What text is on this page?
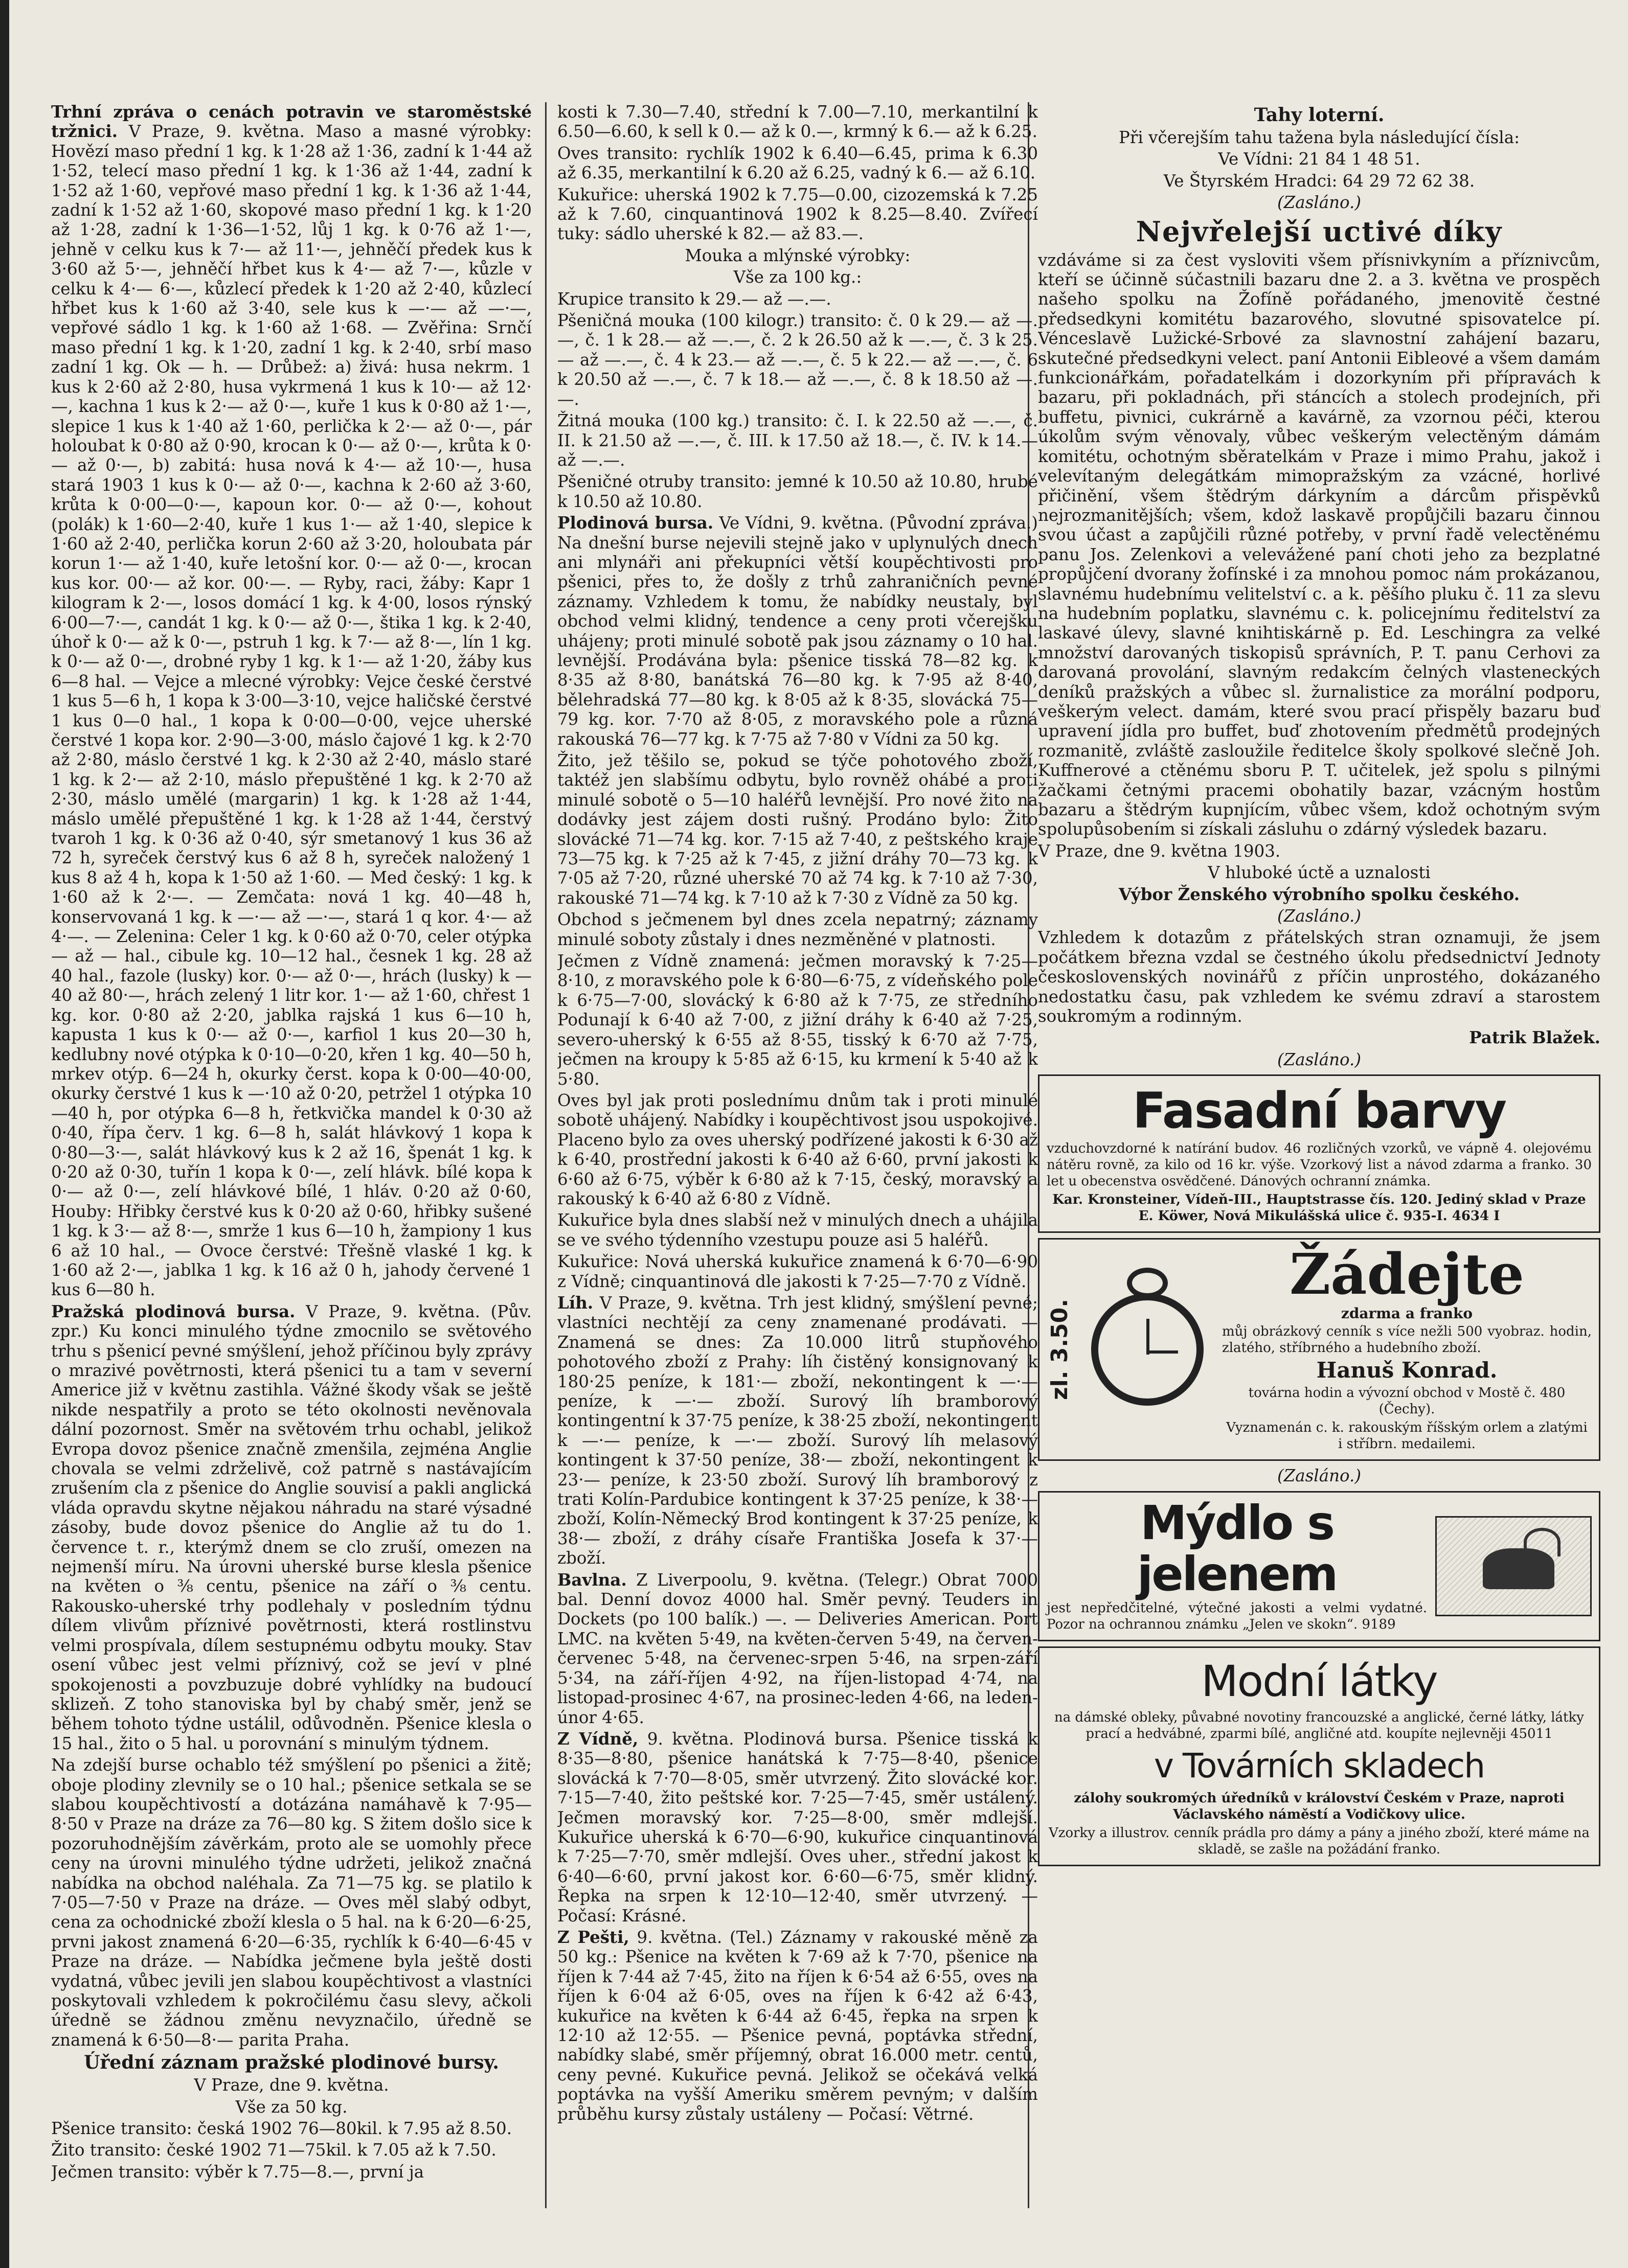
Trhní zpráva o cenách potravin ve staroměstské tržnici. V Praze, 9. května. Maso a masné výrobky: Hovězí maso přední 1 kg. k 1·28 až 1·36, zadní k 1·44 až 1·52, telecí maso přední 1 kg. k 1·36 až 1·44, zadní k 1·52 až 1·60, vepřové maso přední 1 kg. k 1·36 až 1·44, zadní k 1·52 až 1·60, skopové maso přední 1 kg. k 1·20 až 1·28, zadní k 1·36—1·52, lůj 1 kg. k 0·76 až 1·—, jehně v celku kus k 7·— až 11·—, jehněčí předek kus k 3·60 až 5·—, jehněčí hřbet kus k 4·— až 7·—, kůzle v celku k 4·— 6·—, kůzlecí předek k 1·20 až 2·40, kůzlecí hřbet kus k 1·60 až 3·40, sele kus k —·— až —·—, vepřové sádlo 1 kg. k 1·60 až 1·68. — Zvěřina: Srnčí maso přední 1 kg. k 1·20, zadní 1 kg. k 2·40, srbí maso zadní 1 kg. Ok — h. — Drůbež: a) živá: husa nekrm. 1 kus k 2·60 až 2·80, husa vykrmená 1 kus k 10·— až 12·—, kachna 1 kus k 2·— až 0·—, kuře 1 kus k 0·80 až 1·—, slepice 1 kus k 1·40 až 1·60, perlička k 2·— až 0·—, pár holoubat k 0·80 až 0·90, krocan k 0·— až 0·—, krůta k 0·— až 0·—, b) zabitá: husa nová k 4·— až 10·—, husa stará 1903 1 kus k 0·— až 0·—, kachna k 2·60 až 3·60, krůta k 0·00—0·—, kapoun kor. 0·— až 0·—, kohout (polák) k 1·60—2·40, kuře 1 kus 1·— až 1·40, slepice k 1·60 až 2·40, perlička korun 2·60 až 3·20, holoubata pár korun 1·— až 1·40, kuře letošní kor. 0·— až 0·—, krocan kus kor. 00·— až kor. 00·—. — Ryby, raci, žáby: Kapr 1 kilogram k 2·—, losos domácí 1 kg. k 4·00, losos rýnský 6·00—7·—, candát 1 kg. k 0·— až 0·—, štika 1 kg. k 2·40, úhoř k 0·— až k 0·—, pstruh 1 kg. k 7·— až 8·—, lín 1 kg. k 0·— až 0·—, drobné ryby 1 kg. k 1·— až 1·20, žáby kus 6—8 hal. — Vejce a mlecné výrobky: Vejce české čerstvé 1 kus 5—6 h, 1 kopa k 3·00—3·10, vejce haličské čerstvé 1 kus 0—0 hal., 1 kopa k 0·00—0·00, vejce uherské čerstvé 1 kopa kor. 2·90—3·00, máslo čajové 1 kg. k 2·70 až 2·80, máslo čerstvé 1 kg. k 2·30 až 2·40, máslo staré 1 kg. k 2·— až 2·10, máslo přepuštěné 1 kg. k 2·70 až 2·30, máslo umělé (margarin) 1 kg. k 1·28 až 1·44, máslo umělé přepuštěné 1 kg. k 1·28 až 1·44, čerstvý tvaroh 1 kg. k 0·36 až 0·40, sýr smetanový 1 kus 36 až 72 h, syreček čerstvý kus 6 až 8 h, syreček naložený 1 kus 8 až 4 h, kopa k 1·50 až 1·60. — Med český: 1 kg. k 1·60 až k 2·—. — Zemčata: nová 1 kg. 40—48 h, konservovaná 1 kg. k —·— až —·—, stará 1 q kor. 4·— až 4·—. — Zelenina: Celer 1 kg. k 0·60 až 0·70, celer otýpka — až — hal., cibule kg. 10—12 hal., česnek 1 kg. 28 až 40 hal., fazole (lusky) kor. 0·— až 0·—, hrách (lusky) k —40 až 80·—, hrách zelený 1 litr kor. 1·— až 1·60, chřest 1 kg. kor. 0·80 až 2·20, jablka rajská 1 kus 6—10 h, kapusta 1 kus k 0·— až 0·—, karfiol 1 kus 20—30 h, kedlubny nové otýpka k 0·10—0·20, křen 1 kg. 40—50 h, mrkev otýp. 6—24 h, okurky čerst. kopa k 0·00—40·00, okurky čerstvé 1 kus k —·10 až 0·20, petržel 1 otýpka 10—40 h, por otýpka 6—8 h, řetkvička mandel k 0·30 až 0·40, řípa červ. 1 kg. 6—8 h, salát hlávkový 1 kopa k 0·80—3·—, salát hlávkový kus k 2 až 16, špenát 1 kg. k 0·20 až 0·30, tuřín 1 kopa k 0·—, zelí hlávk. bílé kopa k 0·— až 0·—, zelí hlávkové bílé, 1 hláv. 0·20 až 0·60, Houby: Hřibky čerstvé kus k 0·20 až 0·60, hřibky sušené 1 kg. k 3·— až 8·—, smrže 1 kus 6—10 h, žampiony 1 kus 6 až 10 hal., — Ovoce čerstvé: Třešně vlaské 1 kg. k 1·60 až 2·—, jablka 1 kg. k 16 až 0 h, jahody červené 1 kus 6—80 h.

Pražská plodinová bursa. V Praze, 9. května. (Pův. zpr.) Ku konci minulého týdne zmocnilo se světového trhu s pšenicí pevné smýšlení, jehož příčinou byly zprávy o mrazivé povětrnosti, která pšenici tu a tam v severní Americe již v květnu zastihla. Vážné škody však se ještě nikde nespatřily a proto se této okolnosti nevěnovala dální pozornost. Směr na světovém trhu ochabl, jelikož Evropa dovoz pšenice značně zmenšila, zejména Anglie chovala se velmi zdrželivě, což patrně s nastávajícím zrušením cla z pšenice do Anglie souvisí a pakli anglická vláda opravdu skytne nějakou náhradu na staré výsadné zásoby, bude dovoz pšenice do Anglie až tu do 1. července t. r., kterýmž dnem se clo zruší, omezen na nejmenší míru. Na úrovni uherské burse klesla pšenice na květen o ⅜ centu, pšenice na září o ⅜ centu. Rakousko-uherské trhy podlehaly v posledním týdnu dílem vlivům příznivé povětrnosti, která rostlinstvu velmi prospívala, dílem sestupnému odbytu mouky. Stav osení vůbec jest velmi příznivý, což se jeví v plné spokojenosti a povzbuzuje dobré vyhlídky na budoucí sklizeň. Z toho stanoviska byl by chabý směr, jenž se během tohoto týdne ustálil, odůvodněn. Pšenice klesla o 15 hal., žito o 5 hal. u porovnání s minulým týdnem.

Na zdejší burse ochablo též smýšlení po pšenici a žitě; oboje plodiny zlevnily se o 10 hal.; pšenice setkala se se slabou koupěchtivostí a dotázána namáhavě k 7·95—8·50 v Praze na dráze za 76—80 kg. S žitem došlo sice k pozoruhodnějším závěrkám, proto ale se uomohly přece ceny na úrovni minulého týdne udržeti, jelikož značná nabídka na obchod naléhala. Za 71—75 kg. se platilo k 7·05—7·50 v Praze na dráze. — Oves měl slabý odbyt, cena za ochodnické zboží klesla o 5 hal. na k 6·20—6·25, prvni jakost znamená 6·20—6·35, rychlík k 6·40—6·45 v Praze na dráze. — Nabídka ječmene byla ještě dosti vydatná, vůbec jevili jen slabou koupěchtivost a vlastníci poskytovali vzhledem k pokročilému času slevy, ačkoli úředně se žádnou změnu nevyznačilo, úředně se znamená k 6·50—8·— parita Praha.

Úřední záznam pražské plodinové bursy.

V Praze, dne 9. května.

Vše za 50 kg.

Pšenice transito: česká 1902 76—80kil. k 7.95 až 8.50.

Žito transito: české 1902 71—75kil. k 7.05 až k 7.50.

Ječmen transito: výběr k 7.75—8.—, první ja

kosti k 7.30—7.40, střední k 7.00—7.10, merkantilní k 6.50—6.60, k sell k 0.— až k 0.—, krmný k 6.— až k 6.25.

Oves transito: rychlík 1902 k 6.40—6.45, prima k 6.30 až 6.35, merkantilní k 6.20 až 6.25, vadný k 6.— až 6.10.

Kukuřice: uherská 1902 k 7.75—0.00, cizozemská k 7.25 až k 7.60, cinquantinová 1902 k 8.25—8.40. Zvířecí tuky: sádlo uherské k 82.— až 83.—.

Mouka a mlýnské výrobky:

Vše za 100 kg.:

Krupice transito k 29.— až —.—.

Pšeničná mouka (100 kilogr.) transito: č. 0 k 29.— až —.—, č. 1 k 28.— až —.—, č. 2 k 26.50 až k —.—, č. 3 k 25.— až —.—, č. 4 k 23.— až —.—, č. 5 k 22.— až —.—, č. 6 k 20.50 až —.—, č. 7 k 18.— až —.—, č. 8 k 18.50 až —.—.

Žitná mouka (100 kg.) transito: č. I. k 22.50 až —.—, č. II. k 21.50 až —.—, č. III. k 17.50 až 18.—, č. IV. k 14.— až —.—.

Pšeničné otruby transito: jemné k 10.50 až 10.80, hrubé k 10.50 až 10.80.

Plodinová bursa. Ve Vídni, 9. května. (Původní zpráva.) Na dnešní burse nejevili stejně jako v uplynulých dnech ani mlynáři ani překupníci větší koupěchtivosti pro pšenici, přes to, že došly z trhů zahraničních pevné záznamy. Vzhledem k tomu, že nabídky neustaly, byl obchod velmi klidný, tendence a ceny proti včerejšku uhájeny; proti minulé sobotě pak jsou záznamy o 10 hal. levnější. Prodávána byla: pšenice tisská 78—82 kg. k 8·35 až 8·80, banátská 76—80 kg. k 7·95 až 8·40, bělehradská 77—80 kg. k 8·05 až k 8·35, slovácká 75—79 kg. kor. 7·70 až 8·05, z moravského pole a různá rakouská 76—77 kg. k 7·75 až 7·80 v Vídni za 50 kg.

Žito, jež těšilo se, pokud se týče pohotového zboží, taktéž jen slabšímu odbytu, bylo rovněž ohábé a proti minulé sobotě o 5—10 haléřů levnější. Pro nové žito na dodávky jest zájem dosti rušný. Prodáno bylo: Žito slovácké 71—74 kg. kor. 7·15 až 7·40, z peštského kraje 73—75 kg. k 7·25 až k 7·45, z jižní dráhy 70—73 kg. k 7·05 až 7·20, různé uherské 70 až 74 kg. k 7·10 až 7·30, rakouské 71—74 kg. k 7·10 až k 7·30 z Vídně za 50 kg.

Obchod s ječmenem byl dnes zcela nepatrný; záznamy minulé soboty zůstaly i dnes nezměněné v platnosti.

Ječmen z Vídně znamená: ječmen moravský k 7·25—8·10, z moravského pole k 6·80—6·75, z vídeňského pole k 6·75—7·00, slovácký k 6·80 až k 7·75, ze středního Podunají k 6·40 až 7·00, z jižní dráhy k 6·40 až 7·25, severo-uherský k 6·55 až 8·55, tisský k 6·70 až 7·75, ječmen na kroupy k 5·85 až 6·15, ku krmení k 5·40 až k 5·80.

Oves byl jak proti poslednímu dnům tak i proti minulé sobotě uhájený. Nabídky i koupěchtivost jsou uspokojivé. Placeno bylo za oves uherský podřízené jakosti k 6·30 až k 6·40, prostřední jakosti k 6·40 až 6·60, první jakosti k 6·60 až 6·75, výběr k 6·80 až k 7·15, český, moravský a rakouský k 6·40 až 6·80 z Vídně.

Kukuřice byla dnes slabší než v minulých dnech a uhájila se ve svého týdenního vzestupu pouze asi 5 haléřů.

Kukuřice: Nová uherská kukuřice znamená k 6·70—6·90 z Vídně; cinquantinová dle jakosti k 7·25—7·70 z Vídně.

Líh. V Praze, 9. května. Trh jest klidný, smýšlení pevné; vlastníci nechtějí za ceny znamenané prodávati. — Znamená se dnes: Za 10.000 litrů stupňového pohotového zboží z Prahy: líh čistěný konsignovaný k 180·25 peníze, k 181·— zboží, nekontingent k —·— peníze, k —·— zboží. Surový líh bramborový kontingentní k 37·75 peníze, k 38·25 zboží, nekontingent k —·— peníze, k —·— zboží. Surový líh melasový kontingent k 37·50 peníze, 38·— zboží, nekontingent k 23·— peníze, k 23·50 zboží. Surový líh bramborový z trati Kolín-Pardubice kontingent k 37·25 peníze, k 38·— zboží, Kolín-Německý Brod kontingent k 37·25 peníze, k 38·— zboží, z dráhy císaře Františka Josefa k 37·— zboží.

Bavlna. Z Liverpoolu, 9. května. (Telegr.) Obrat 7000 bal. Denní dovoz 4000 hal. Směr pevný. Teuders in Dockets (po 100 balík.) —. — Deliveries American. Port LMC. na květen 5·49, na květen-červen 5·49, na červen-červenec 5·48, na červenec-srpen 5·46, na srpen-září 5·34, na září-říjen 4·92, na říjen-listopad 4·74, na listopad-prosinec 4·67, na prosinec-leden 4·66, na leden-únor 4·65.

Z Vídně, 9. května. Plodinová bursa. Pšenice tisská k 8·35—8·80, pšenice hanátská k 7·75—8·40, pšenice slovácká k 7·70—8·05, směr utvrzený. Žito slovácké kor. 7·15—7·40, žito peštské kor. 7·25—7·45, směr ustálený. Ječmen moravský kor. 7·25—8·00, směr mdlejší. Kukuřice uherská k 6·70—6·90, kukuřice cinquantinová k 7·25—7·70, směr mdlejší. Oves uher., střední jakost k 6·40—6·60, první jakost kor. 6·60—6·75, směr klidný. Řepka na srpen k 12·10—12·40, směr utvrzený. — Počasí: Krásné.

Z Pešti, 9. května. (Tel.) Záznamy v rakouské měně za 50 kg.: Pšenice na květen k 7·69 až k 7·70, pšenice na říjen k 7·44 až 7·45, žito na říjen k 6·54 až 6·55, oves na říjen k 6·04 až 6·05, oves na říjen k 6·42 až 6·43, kukuřice na květen k 6·44 až 6·45, řepka na srpen k 12·10 až 12·55. — Pšenice pevná, poptávka střední, nabídky slabé, směr příjemný, obrat 16.000 metr. centů, ceny pevné. Kukuřice pevná. Jelikož se očekává velká poptávka na vyšší Ameriku směrem pevným; v dalším průběhu kursy zůstaly ustáleny — Počasí: Větrné.

Tahy loterní.

Při včerejším tahu tažena byla následující čísla:

Ve Vídni: 21 84 1 48 51.

Ve Štyrském Hradci: 64 29 72 62 38.

(Zasláno.)

Nejvřelejší uctivé díky

vzdáváme si za čest vysloviti všem přísnivkyním a příznivcům, kteří se účinně súčastnili bazaru dne 2. a 3. května ve prospěch našeho spolku na Žofíně pořádaného, jmenovitě čestné předsedkyni komitétu bazarového, slovutné spisovatelce pí. Vénceslavě Lužické-Srbové za slavnostní zahájení bazaru, skutečné předsedkyni velect. paní Antonii Eibleové a všem damám funkcionářkám, pořadatelkám i dozorkyním při přípravách k bazaru, při pokladnách, při stáncích a stolech prodejních, při buffetu, pivnici, cukrárně a kavárně, za vzornou péči, kterou úkolům svým věnovaly, vůbec veškerým velectěným dámám komitétu, ochotným sběratelkám v Praze i mimo Prahu, jakož i velevítaným delegátkám mimopražským za vzácné, horlivé přičinění, všem štědrým dárkyním a dárcům přispěvků nejrozmanitějších; všem, kdož laskavě propůjčili bazaru činnou svou účast a zapůjčili různé potřeby, v první řadě velectěnému panu Jos. Zelenkovi a velevážené paní choti jeho za bezplatné propůjčení dvorany žofínské i za mnohou pomoc nám prokázanou, slavnému hudebnímu velitelství c. a k. pěšího pluku č. 11 za slevu na hudebním poplatku, slavnému c. k. policejnímu ředitelství za laskavé úlevy, slavné knihtiskárně p. Ed. Leschingra za velké množství darovaných tiskopisů správních, P. T. panu Cerhovi za darovaná provolání, slavným redakcím čelných vlasteneckých deníků pražských a vůbec sl. žurnalistice za morální podporu, veškerým velect. damám, které svou prací přispěly bazaru buď upravení jídla pro buffet, buď zhotovením předmětů prodejných rozmanitě, zvláště zasloužile ředitelce školy spolkové slečně Joh. Kuffnerové a ctěnému sboru P. T. učitelek, jež spolu s pilnými žačkami četnými pracemi obohatily bazar, vzácným hostům bazaru a štědrým kupnjícím, vůbec všem, kdož ochotným svým spolupůsobením si získali zásluhu o zdárný výsledek bazaru.

V Praze, dne 9. května 1903.

V hluboké úctě a uznalosti

Výbor Ženského výrobního spolku českého.

(Zasláno.)

Vzhledem k dotazům z přátelských stran oznamuji, že jsem počátkem března vzdal se čestného úkolu předsednictví Jednoty československých novinářů z příčin unprostého, dokázaného nedostatku času, pak vzhledem ke svému zdraví a starostem soukromým a rodinným.

Patrik Blažek.

(Zasláno.)

Fasadní barvy

vzduchovzdorné k natírání budov. 46 rozličných vzorků, ve vápně 4. olejovému nátěru rovně, za kilo od 16 kr. výše. Vzorkový list a návod zdarma a franko. 30 let u obecenstva osvědčené. Dánových ochranní známka.

Kar. Kronsteiner, Vídeň-III., Hauptstrasse čís. 120. Jediný sklad v Praze E. Köwer, Nová Mikulášská ulice č. 935-I. 4634 I

zl. 3.50.
Žádejte

zdarma a franko

můj obrázkový cenník s více nežli 500 vyobraz. hodin, zlatého, stříbrného a hudebního zboží.

Hanuš Konrad.

továrna hodin a vývozní obchod v Mostě č. 480 (Čechy).

Vyznamenán c. k. rakouským říšským orlem a zlatými i stříbrn. medailemi.

(Zasláno.)

Mýdlo s jelenem

jest nepředčitelné, výtečné jakosti a velmi vydatné. Pozor na ochrannou známku „Jelen ve skokn“. 9189

Modní látky

na dámské obleky, půvabné novotiny francouzské a anglické, černé látky, látky prací a hedvábné, zparmi bílé, angličné atd. koupíte nejlevněji 45011

v Továrních skladech

zálohy soukromých úředníků v království Českém v Praze, naproti Václavského náměstí a Vodičkovy ulice.

Vzorky a illustrov. cenník prádla pro dámy a pány a jiného zboží, které máme na skladě, se zašle na požádání franko.
